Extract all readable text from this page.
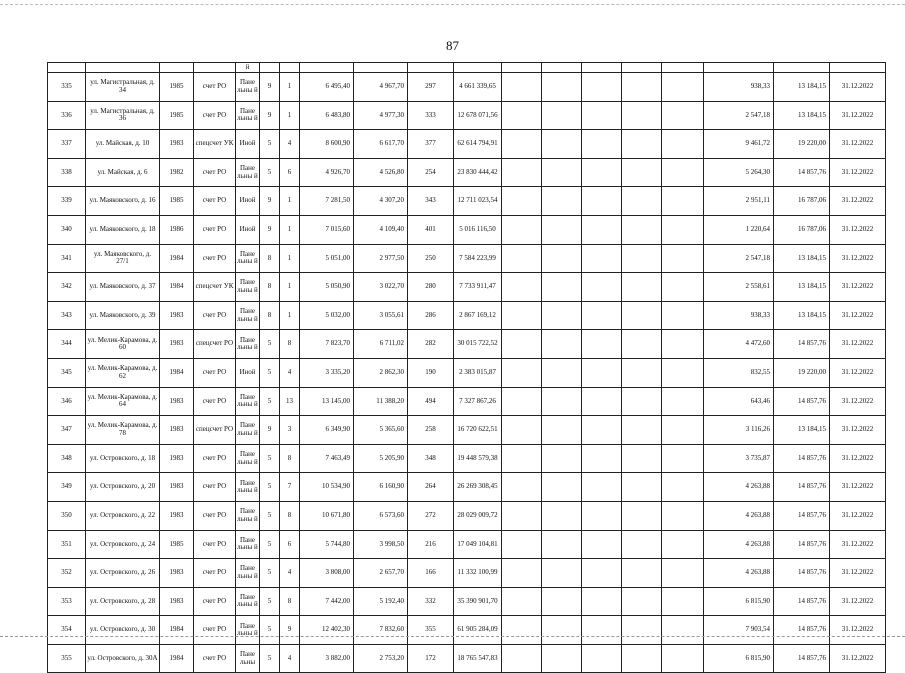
87
				й														
335	ул. Магистральная, д. 34	1985	счет РО	Пане льны й	9	1	6 495,40	4 967,70	297	4 661 339,65						938,33	13 184,15	31.12.2022
336	ул. Магистральная, д. 36	1985	счет РО	Пане льны й	9	1	6 483,80	4 977,30	333	12 678 071,56						2 547,18	13 184,15	31.12.2022
337	ул. Майская, д. 10	1983	спецсчет УК	Иной	5	4	8 600,90	6 617,70	377	62 614 794,91						9 461,72	19 220,00	31.12.2022
338	ул. Майская, д. 6	1982	счет РО	Пане льны й	5	6	4 926,70	4 526,80	254	23 830 444,42						5 264,30	14 857,76	31.12.2022
339	ул. Маяковского, д. 16	1985	счет РО	Иной	9	1	7 281,50	4 307,20	343	12 711 023,54						2 951,11	16 787,06	31.12.2022
340	ул. Маяковского, д. 18	1986	счет РО	Иной	9	1	7 015,60	4 109,40	401	5 016 116,50						1 220,64	16 787,06	31.12.2022
341	ул. Маяковского, д. 27/1	1984	счет РО	Пане льны й	8	1	5 051,00	2 977,50	250	7 584 223,99						2 547,18	13 184,15	31.12.2022
342	ул. Маяковского, д. 37	1984	спецсчет УК	Пане льны й	8	1	5 050,90	3 022,70	280	7 733 911,47						2 558,61	13 184,15	31.12.2022
343	ул. Маяковского, д. 39	1983	счет РО	Пане льны й	8	1	5 032,00	3 055,61	286	2 867 169,12						938,33	13 184,15	31.12.2022
344	ул. Мелик-Карамова, д. 60	1983	спецсчет РО	Пане льны й	5	8	7 823,70	6 711,02	282	30 015 722,52						4 472,60	14 857,76	31.12.2022
345	ул. Мелик-Карамова, д. 62	1984	счет РО	Иной	5	4	3 335,20	2 862,30	190	2 383 015,87						832,55	19 220,00	31.12.2022
346	ул. Мелик-Карамова, д. 64	1983	счет РО	Пане льны й	5	13	13 145,00	11 388,20	494	7 327 867,26						643,46	14 857,76	31.12.2022
347	ул. Мелик-Карамова, д. 78	1983	спецсчет РО	Пане льны й	9	3	6 349,90	5 365,60	258	16 720 622,51						3 116,26	13 184,15	31.12.2022
348	ул. Островского, д. 18	1983	счет РО	Пане льны й	5	8	7 463,49	5 205,90	348	19 448 579,38						3 735,87	14 857,76	31.12.2022
349	ул. Островского, д. 20	1983	счет РО	Пане льны й	5	7	10 534,90	6 160,90	264	26 269 308,45						4 263,88	14 857,76	31.12.2022
350	ул. Островского, д. 22	1983	счет РО	Пане льны й	5	8	10 671,80	6 573,60	272	28 029 009,72						4 263,88	14 857,76	31.12.2022
351	ул. Островского, д. 24	1985	счет РО	Пане льны й	5	6	5 744,80	3 998,50	216	17 049 104,81						4 263,88	14 857,76	31.12.2022
352	ул. Островского, д. 26	1983	счет РО	Пане льны й	5	4	3 808,00	2 657,70	166	11 332 100,99						4 263,88	14 857,76	31.12.2022
353	ул. Островского, д. 28	1983	счет РО	Пане льны й	5	8	7 442,00	5 192,40	332	35 390 901,70						6 815,90	14 857,76	31.12.2022
354	ул. Островского, д. 30	1984	счет РО	Пане льны й	5	9	12 402,30	7 832,60	355	61 905 284,09						7 903,54	14 857,76	31.12.2022
355	ул. Островского, д. 30А	1984	счет РО	Пане льны	5	4	3 882,00	2 753,20	172	18 765 547,83						6 815,90	14 857,76	31.12.2022
